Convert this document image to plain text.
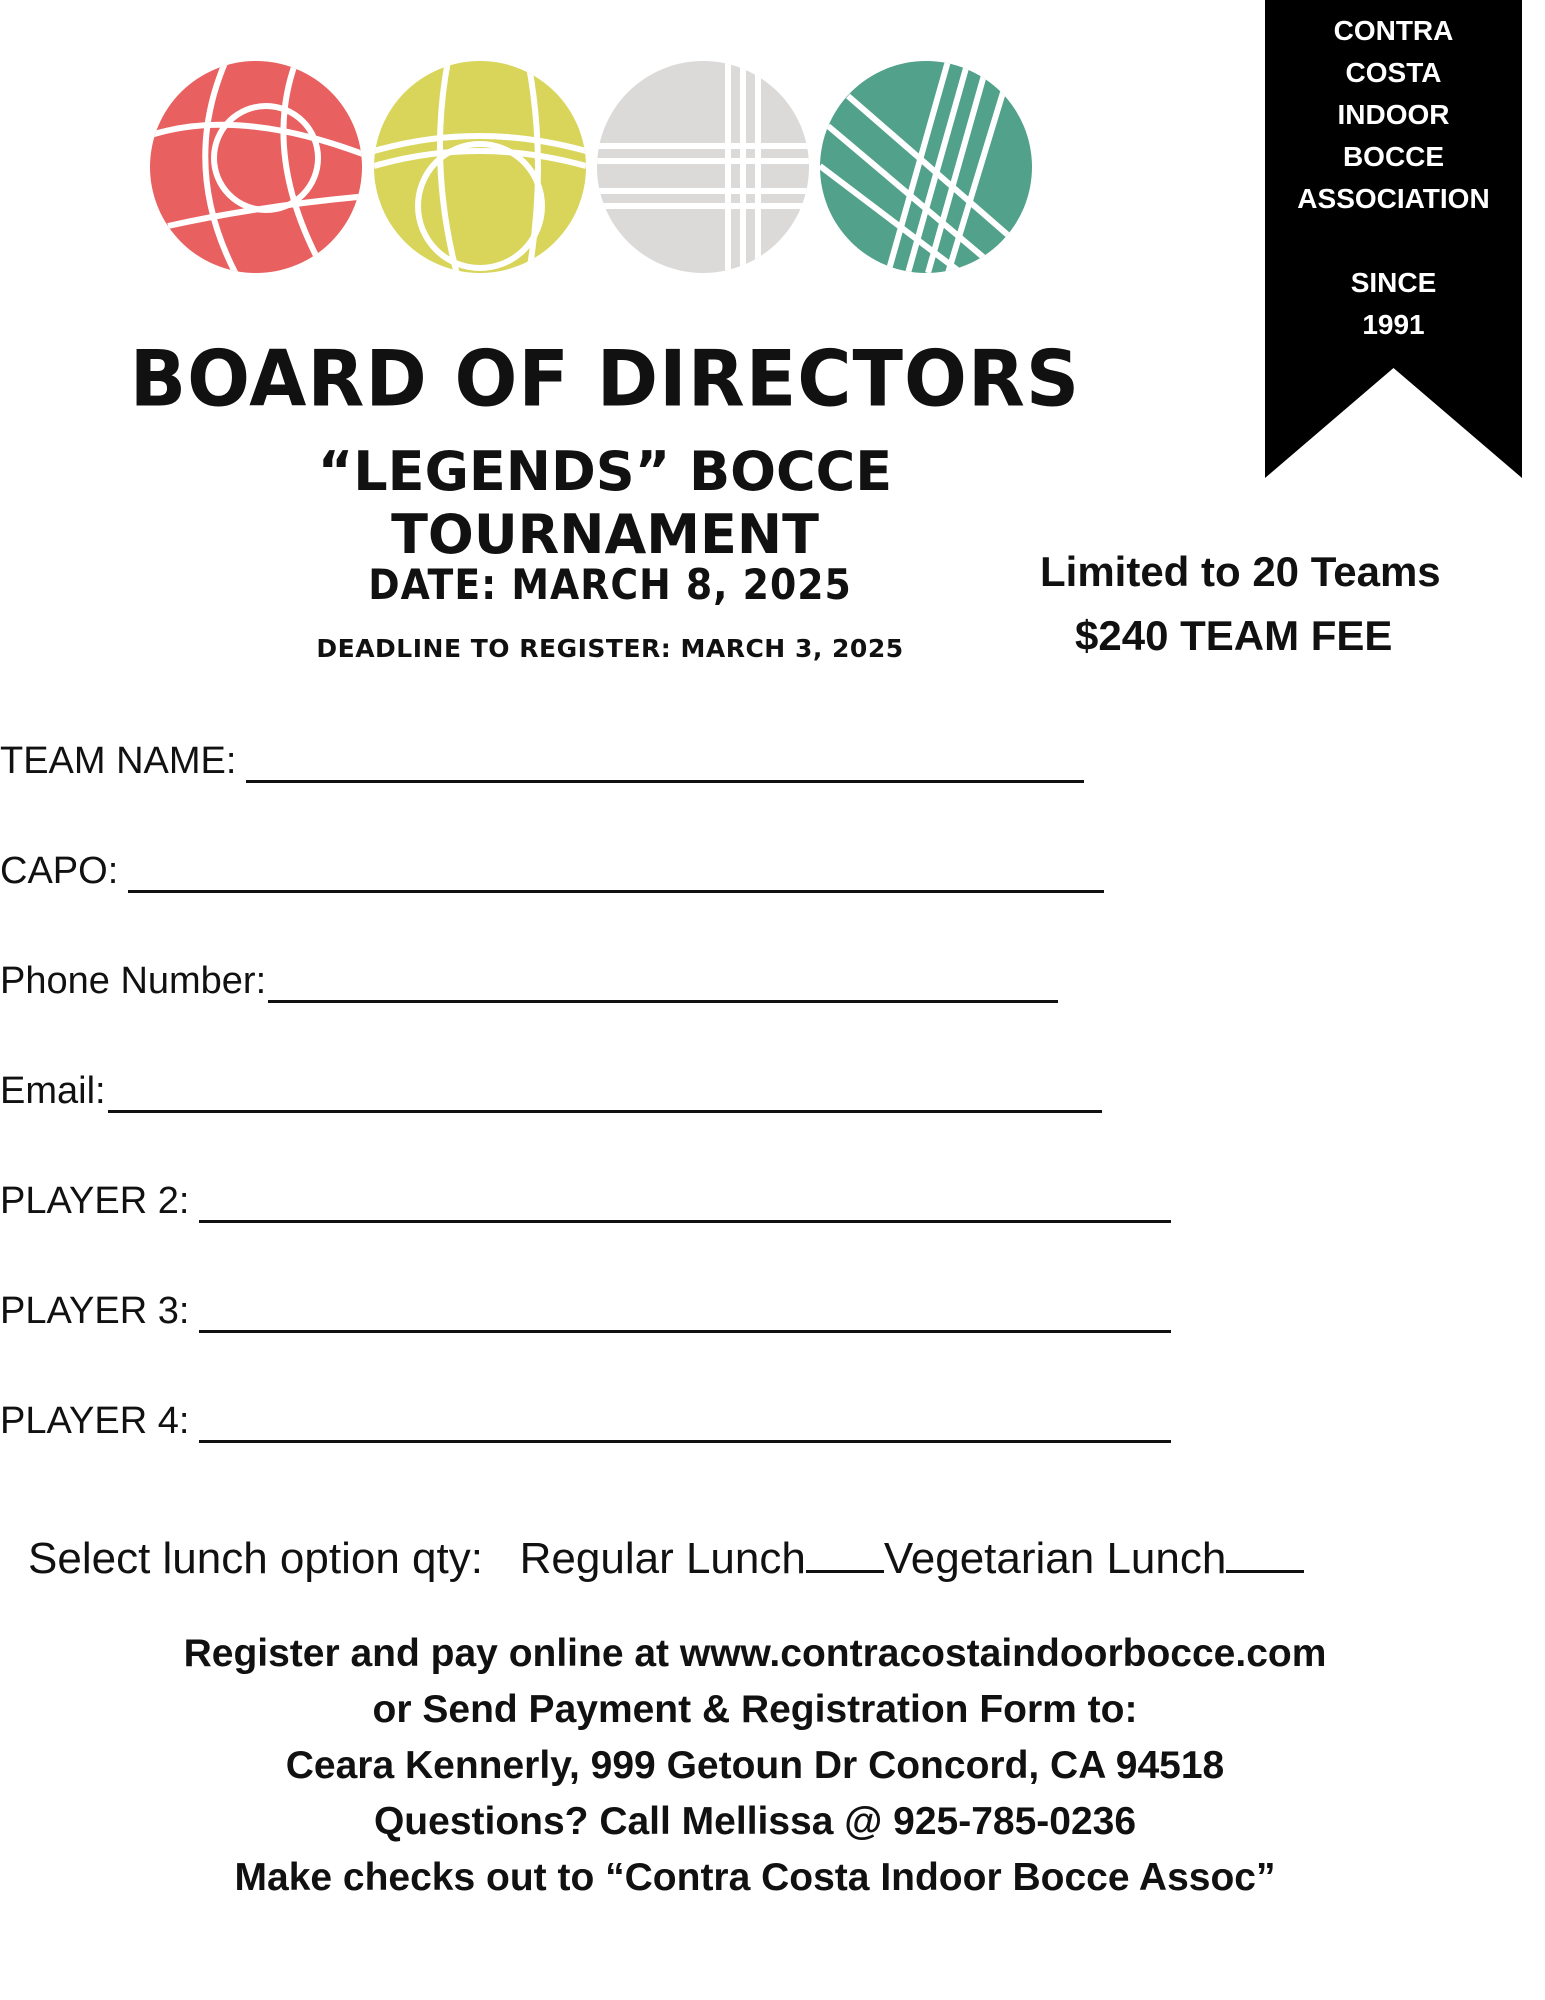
CONTRA
COSTA
INDOOR
BOCCE
ASSOCIATION
SINCE
1991
BOARD OF DIRECTORS
“LEGENDS” BOCCE TOURNAMENT
DATE: MARCH 8, 2025
DEADLINE TO REGISTER: MARCH 3, 2025
Limited to 20 Teams
$240 TEAM FEE
TEAM NAME:
CAPO:
Phone Number:
Email:
PLAYER 2:
PLAYER 3:
PLAYER 4:
Select lunch option qty: Regular Lunch Vegetarian Lunch
Register and pay online at www.contracostaindoorbocce.com
or Send Payment & Registration Form to:
Ceara Kennerly, 999 Getoun Dr Concord, CA 94518
Questions? Call Mellissa @ 925-785-0236
Make checks out to “Contra Costa Indoor Bocce Assoc”
